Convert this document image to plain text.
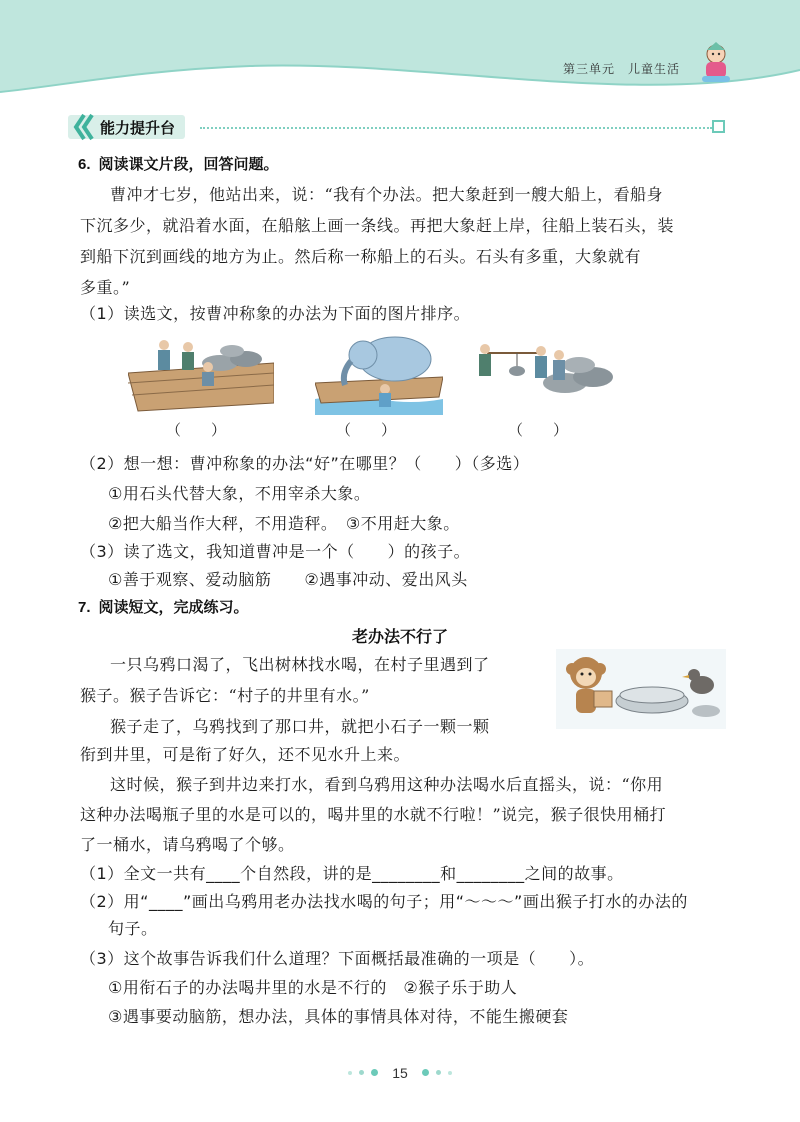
第三单元　儿童生活
能力提升台
6. 阅读课文片段，回答问题。
曹冲才七岁，他站出来，说：“我有个办法。把大象赶到一艘大船上，看船身
下沉多少，就沿着水面，在船舷上画一条线。再把大象赶上岸，往船上装石头，装
到船下沉到画线的地方为止。然后称一称船上的石头。石头有多重，大象就有
多重。”
（1）读选文，按曹冲称象的办法为下面的图片排序。
（　　）	（　　）	（　　）
（2）想一想：曹冲称象的办法“好”在哪里？（　　）（多选）
①用石头代替大象，不用宰杀大象。
②把大船当作大秤，不用造秤。　③不用赶大象。
（3）读了选文，我知道曹冲是一个（　　）的孩子。
①善于观察、爱动脑筋　　②遇事冲动、爱出风头
7. 阅读短文，完成练习。
老办法不行了
一只乌鸦口渴了，飞出树林找水喝，在村子里遇到了
猴子。猴子告诉它：“村子的井里有水。”
猴子走了，乌鸦找到了那口井，就把小石子一颗一颗
衔到井里，可是衔了好久，还不见水升上来。
这时候，猴子到井边来打水，看到乌鸦用这种办法喝水后直摇头，说：“你用
这种办法喝瓶子里的水是可以的，喝井里的水就不行啦！”说完，猴子很快用桶打
了一桶水，请乌鸦喝了个够。
（1）全文一共有____个自然段，讲的是________和________之间的故事。
（2）用“____”画出乌鸦用老办法找水喝的句子；用“～～～”画出猴子打水的办法的
句子。
（3）这个故事告诉我们什么道理？下面概括最准确的一项是（　　）。
①用衔石子的办法喝井里的水是不行的　②猴子乐于助人
③遇事要动脑筋，想办法，具体的事情具体对待，不能生搬硬套
15
